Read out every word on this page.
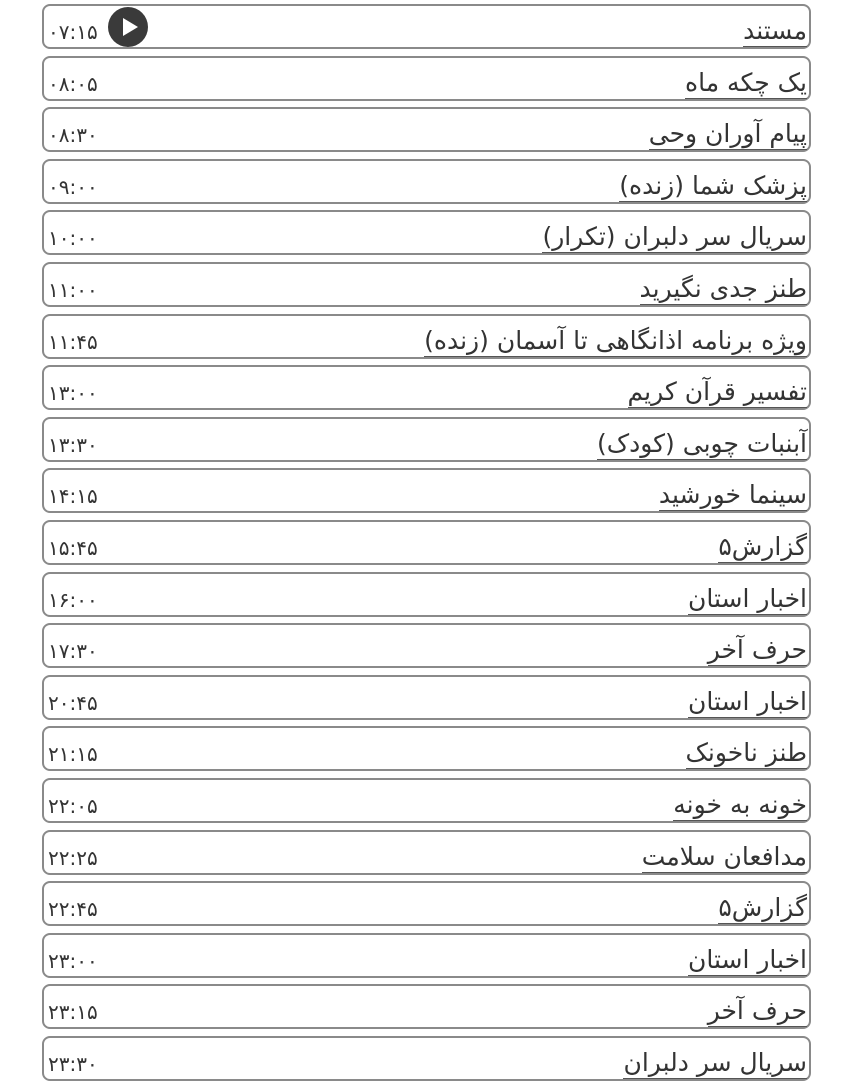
مستند
۰۷:۱۵
یک چکه ماه
۰۸:۰۵
پیام آوران وحی
۰۸:۳۰
پزشک شما (زنده)
۰۹:۰۰
سریال سر دلبران (تکرار)
۱۰:۰۰
طنز جدی نگیرید
۱۱:۰۰
ویژه برنامه اذانگاهی تا آسمان (زنده)
۱۱:۴۵
تفسیر قرآن کریم
۱۳:۰۰
آبنبات چوبی (کودک)
۱۳:۳۰
سینما خورشید
۱۴:۱۵
گزارش۵
۱۵:۴۵
اخبار استان
۱۶:۰۰
حرف آخر
۱۷:۳۰
اخبار استان
۲۰:۴۵
طنز ناخونک
۲۱:۱۵
خونه به خونه
۲۲:۰۵
مدافعان سلامت
۲۲:۲۵
گزارش۵
۲۲:۴۵
اخبار استان
۲۳:۰۰
حرف آخر
۲۳:۱۵
سریال سر دلبران
۲۳:۳۰
